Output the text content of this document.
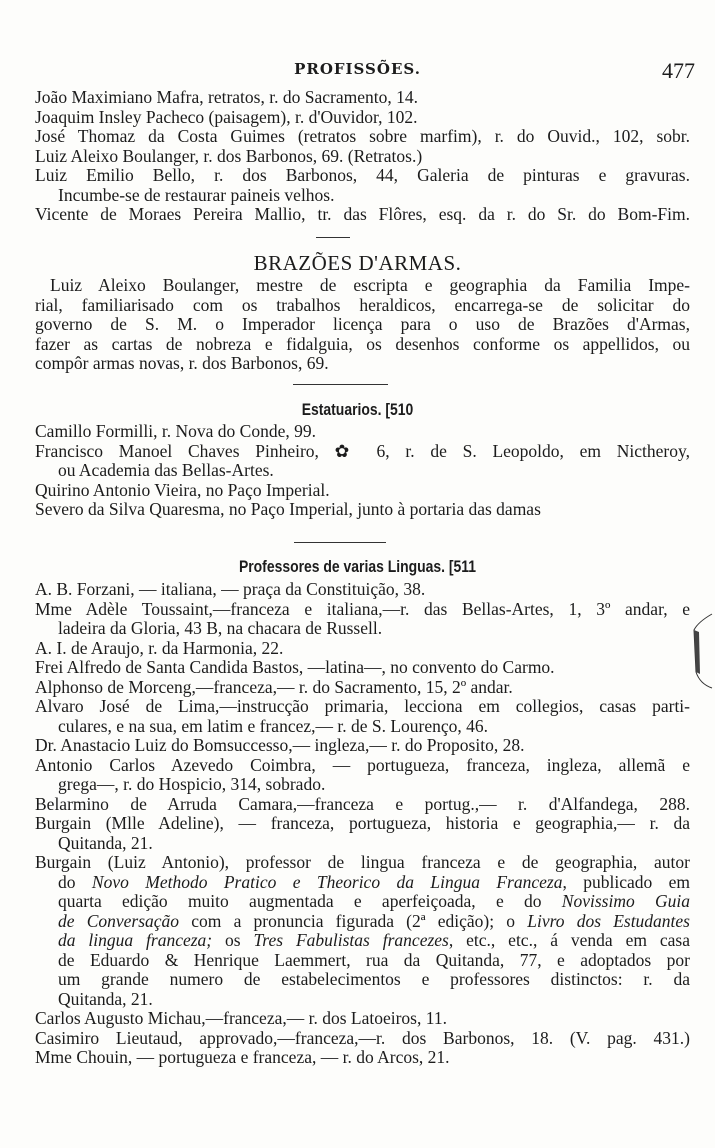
PROFISSÕES.	477
João Maximiano Mafra, retratos, r. do Sacramento, 14.
Joaquim Insley Pacheco (paisagem), r. d'Ouvidor, 102.
José Thomaz da Costa Guimes (retratos sobre marfim), r. do Ouvid., 102, sobr.
Luiz Aleixo Boulanger, r. dos Barbonos, 69. (Retratos.)
Luiz Emilio Bello, r. dos Barbonos, 44, Galeria de pinturas e gravuras.
Incumbe-se de restaurar paineis velhos.
Vicente de Moraes Pereira Mallio, tr. das Flôres, esq. da r. do Sr. do Bom-Fim.
BRAZÕES D'ARMAS.
Luiz Aleixo Boulanger, mestre de escripta e geographia da Familia Impe-
rial, familiarisado com os trabalhos heraldicos, encarrega-se de solicitar do
governo de S. M. o Imperador licença para o uso de Brazões d'Armas,
fazer as cartas de nobreza e fidalguia, os desenhos conforme os appellidos, ou
compôr armas novas, r. dos Barbonos, 69.
Estatuarios. [510
Camillo Formilli, r. Nova do Conde, 99.
Francisco Manoel Chaves Pinheiro, ✿ 6, r. de S. Leopoldo, em Nictheroy,
ou Academia das Bellas-Artes.
Quirino Antonio Vieira, no Paço Imperial.
Severo da Silva Quaresma, no Paço Imperial, junto à portaria das damas
Professores de varias Linguas. [511
A. B. Forzani, — italiana, — praça da Constituição, 38.
Mme Adèle Toussaint,—franceza e italiana,—r. das Bellas-Artes, 1, 3º andar, e
ladeira da Gloria, 43 B, na chacara de Russell.
A. I. de Araujo, r. da Harmonia, 22.
Frei Alfredo de Santa Candida Bastos, —latina—, no convento do Carmo.
Alphonso de Morceng,—franceza,— r. do Sacramento, 15, 2º andar.
Alvaro José de Lima,—instrucção primaria, lecciona em collegios, casas parti-
culares, e na sua, em latim e francez,— r. de S. Lourenço, 46.
Dr. Anastacio Luiz do Bomsuccesso,— ingleza,— r. do Proposito, 28.
Antonio Carlos Azevedo Coimbra, — portugueza, franceza, ingleza, allemã e
grega—, r. do Hospicio, 314, sobrado.
Belarmino de Arruda Camara,—franceza e portug.,— r. d'Alfandega, 288.
Burgain (Mlle Adeline), — franceza, portugueza, historia e geographia,— r. da
Quitanda, 21.
Burgain (Luiz Antonio), professor de lingua franceza e de geographia, autor
do Novo Methodo Pratico e Theorico da Lingua Franceza, publicado em
quarta edição muito augmentada e aperfeiçoada, e do Novissimo Guia
de Conversação com a pronuncia figurada (2ª edição); o Livro dos Estudantes
da lingua franceza; os Tres Fabulistas francezes, etc., etc., á venda em casa
de Eduardo & Henrique Laemmert, rua da Quitanda, 77, e adoptados por
um grande numero de estabelecimentos e professores distinctos: r. da
Quitanda, 21.
Carlos Augusto Michau,—franceza,— r. dos Latoeiros, 11.
Casimiro Lieutaud, approvado,—franceza,—r. dos Barbonos, 18. (V. pag. 431.)
Mme Chouin, — portugueza e franceza, — r. do Arcos, 21.
